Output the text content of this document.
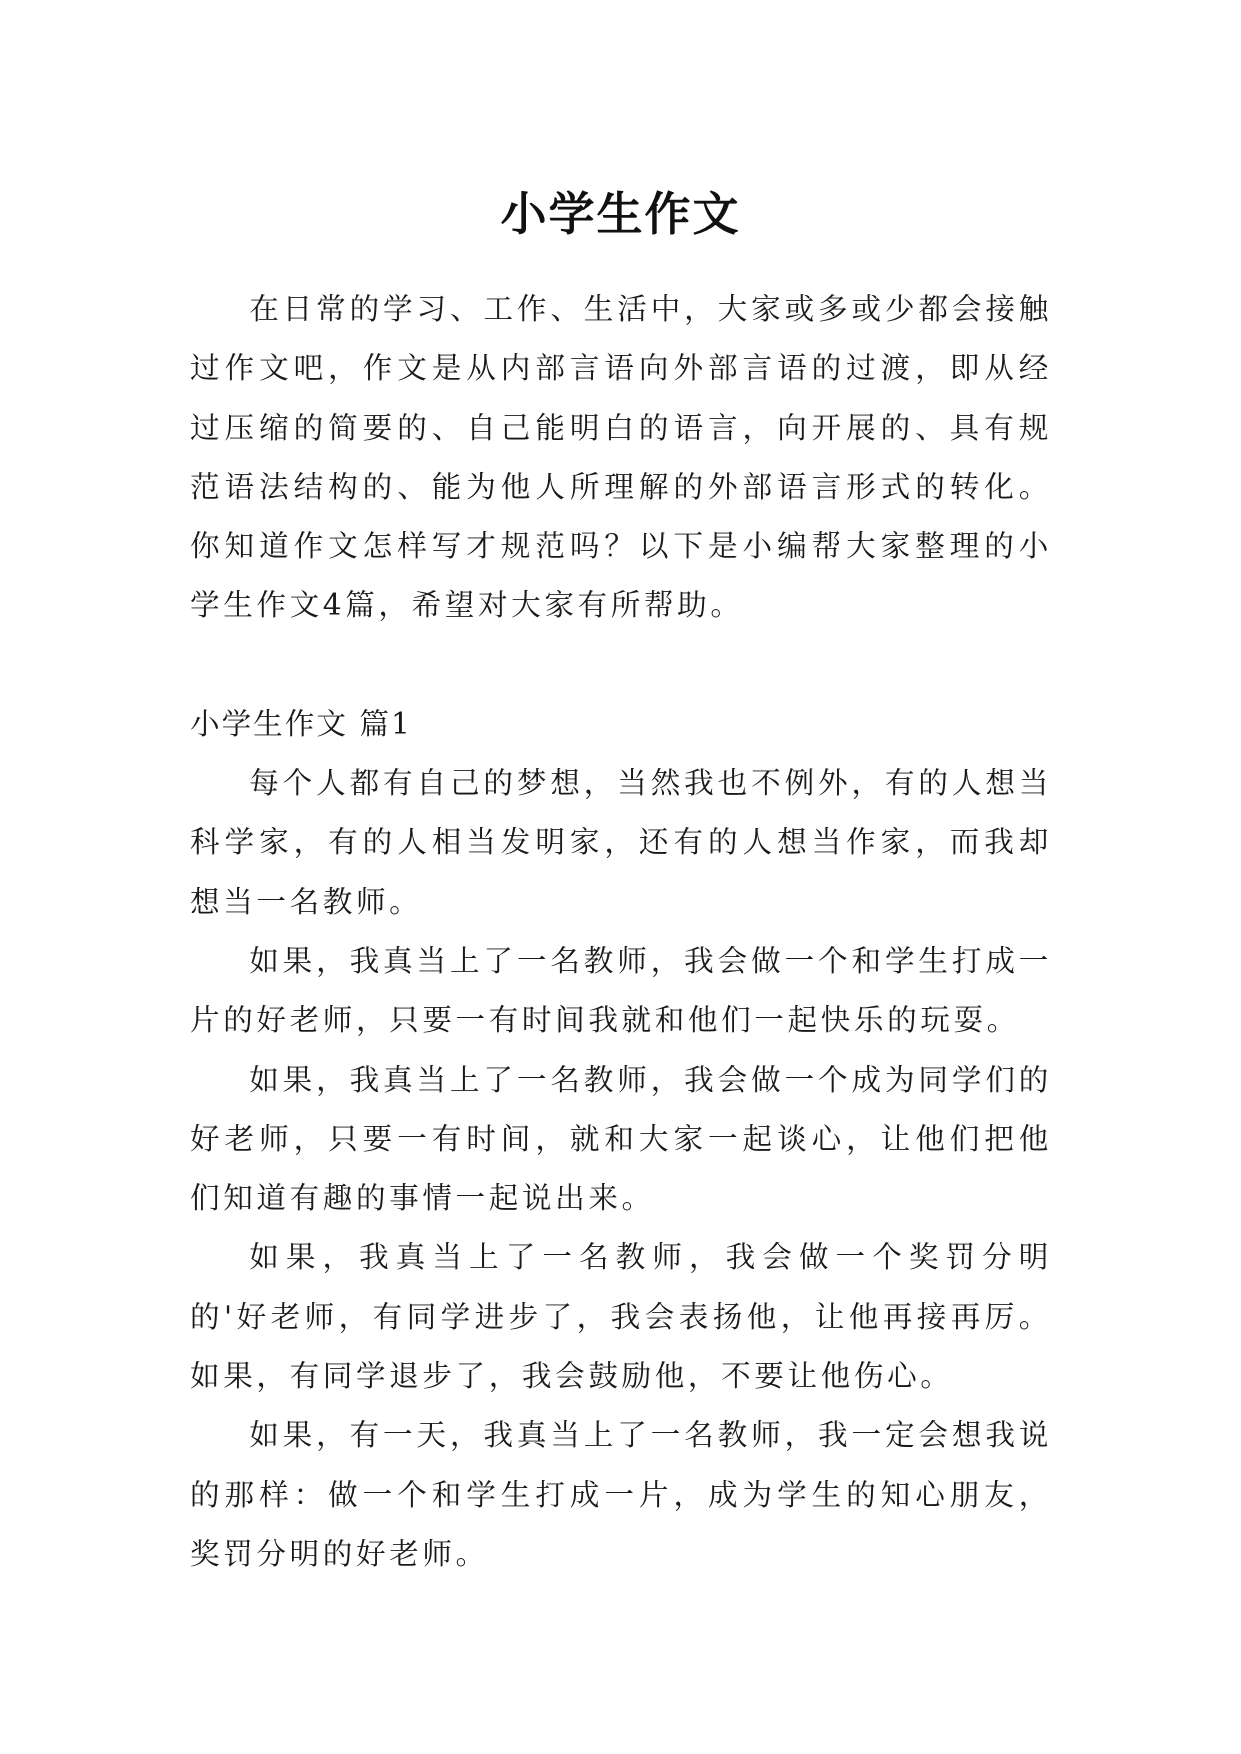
小学生作文

在日常的学习、工作、生活中，大家或多或少都会接触过作文吧，作文是从内部言语向外部言语的过渡，即从经过压缩的简要的、自己能明白的语言，向开展的、具有规范语法结构的、能为他人所理解的外部语言形式的转化。你知道作文怎样写才规范吗？以下是小编帮大家整理的小学生作文4篇，希望对大家有所帮助。

小学生作文 篇1

每个人都有自己的梦想，当然我也不例外，有的人想当科学家，有的人相当发明家，还有的人想当作家，而我却想当一名教师。

如果，我真当上了一名教师，我会做一个和学生打成一片的好老师，只要一有时间我就和他们一起快乐的玩耍。

如果，我真当上了一名教师，我会做一个成为同学们的好老师，只要一有时间，就和大家一起谈心，让他们把他们知道有趣的事情一起说出来。

如果，我真当上了一名教师，我会做一个奖罚分明的'好老师，有同学进步了，我会表扬他，让他再接再厉。如果，有同学退步了，我会鼓励他，不要让他伤心。

如果，有一天，我真当上了一名教师，我一定会想我说的那样：做一个和学生打成一片，成为学生的知心朋友，奖罚分明的好老师。
